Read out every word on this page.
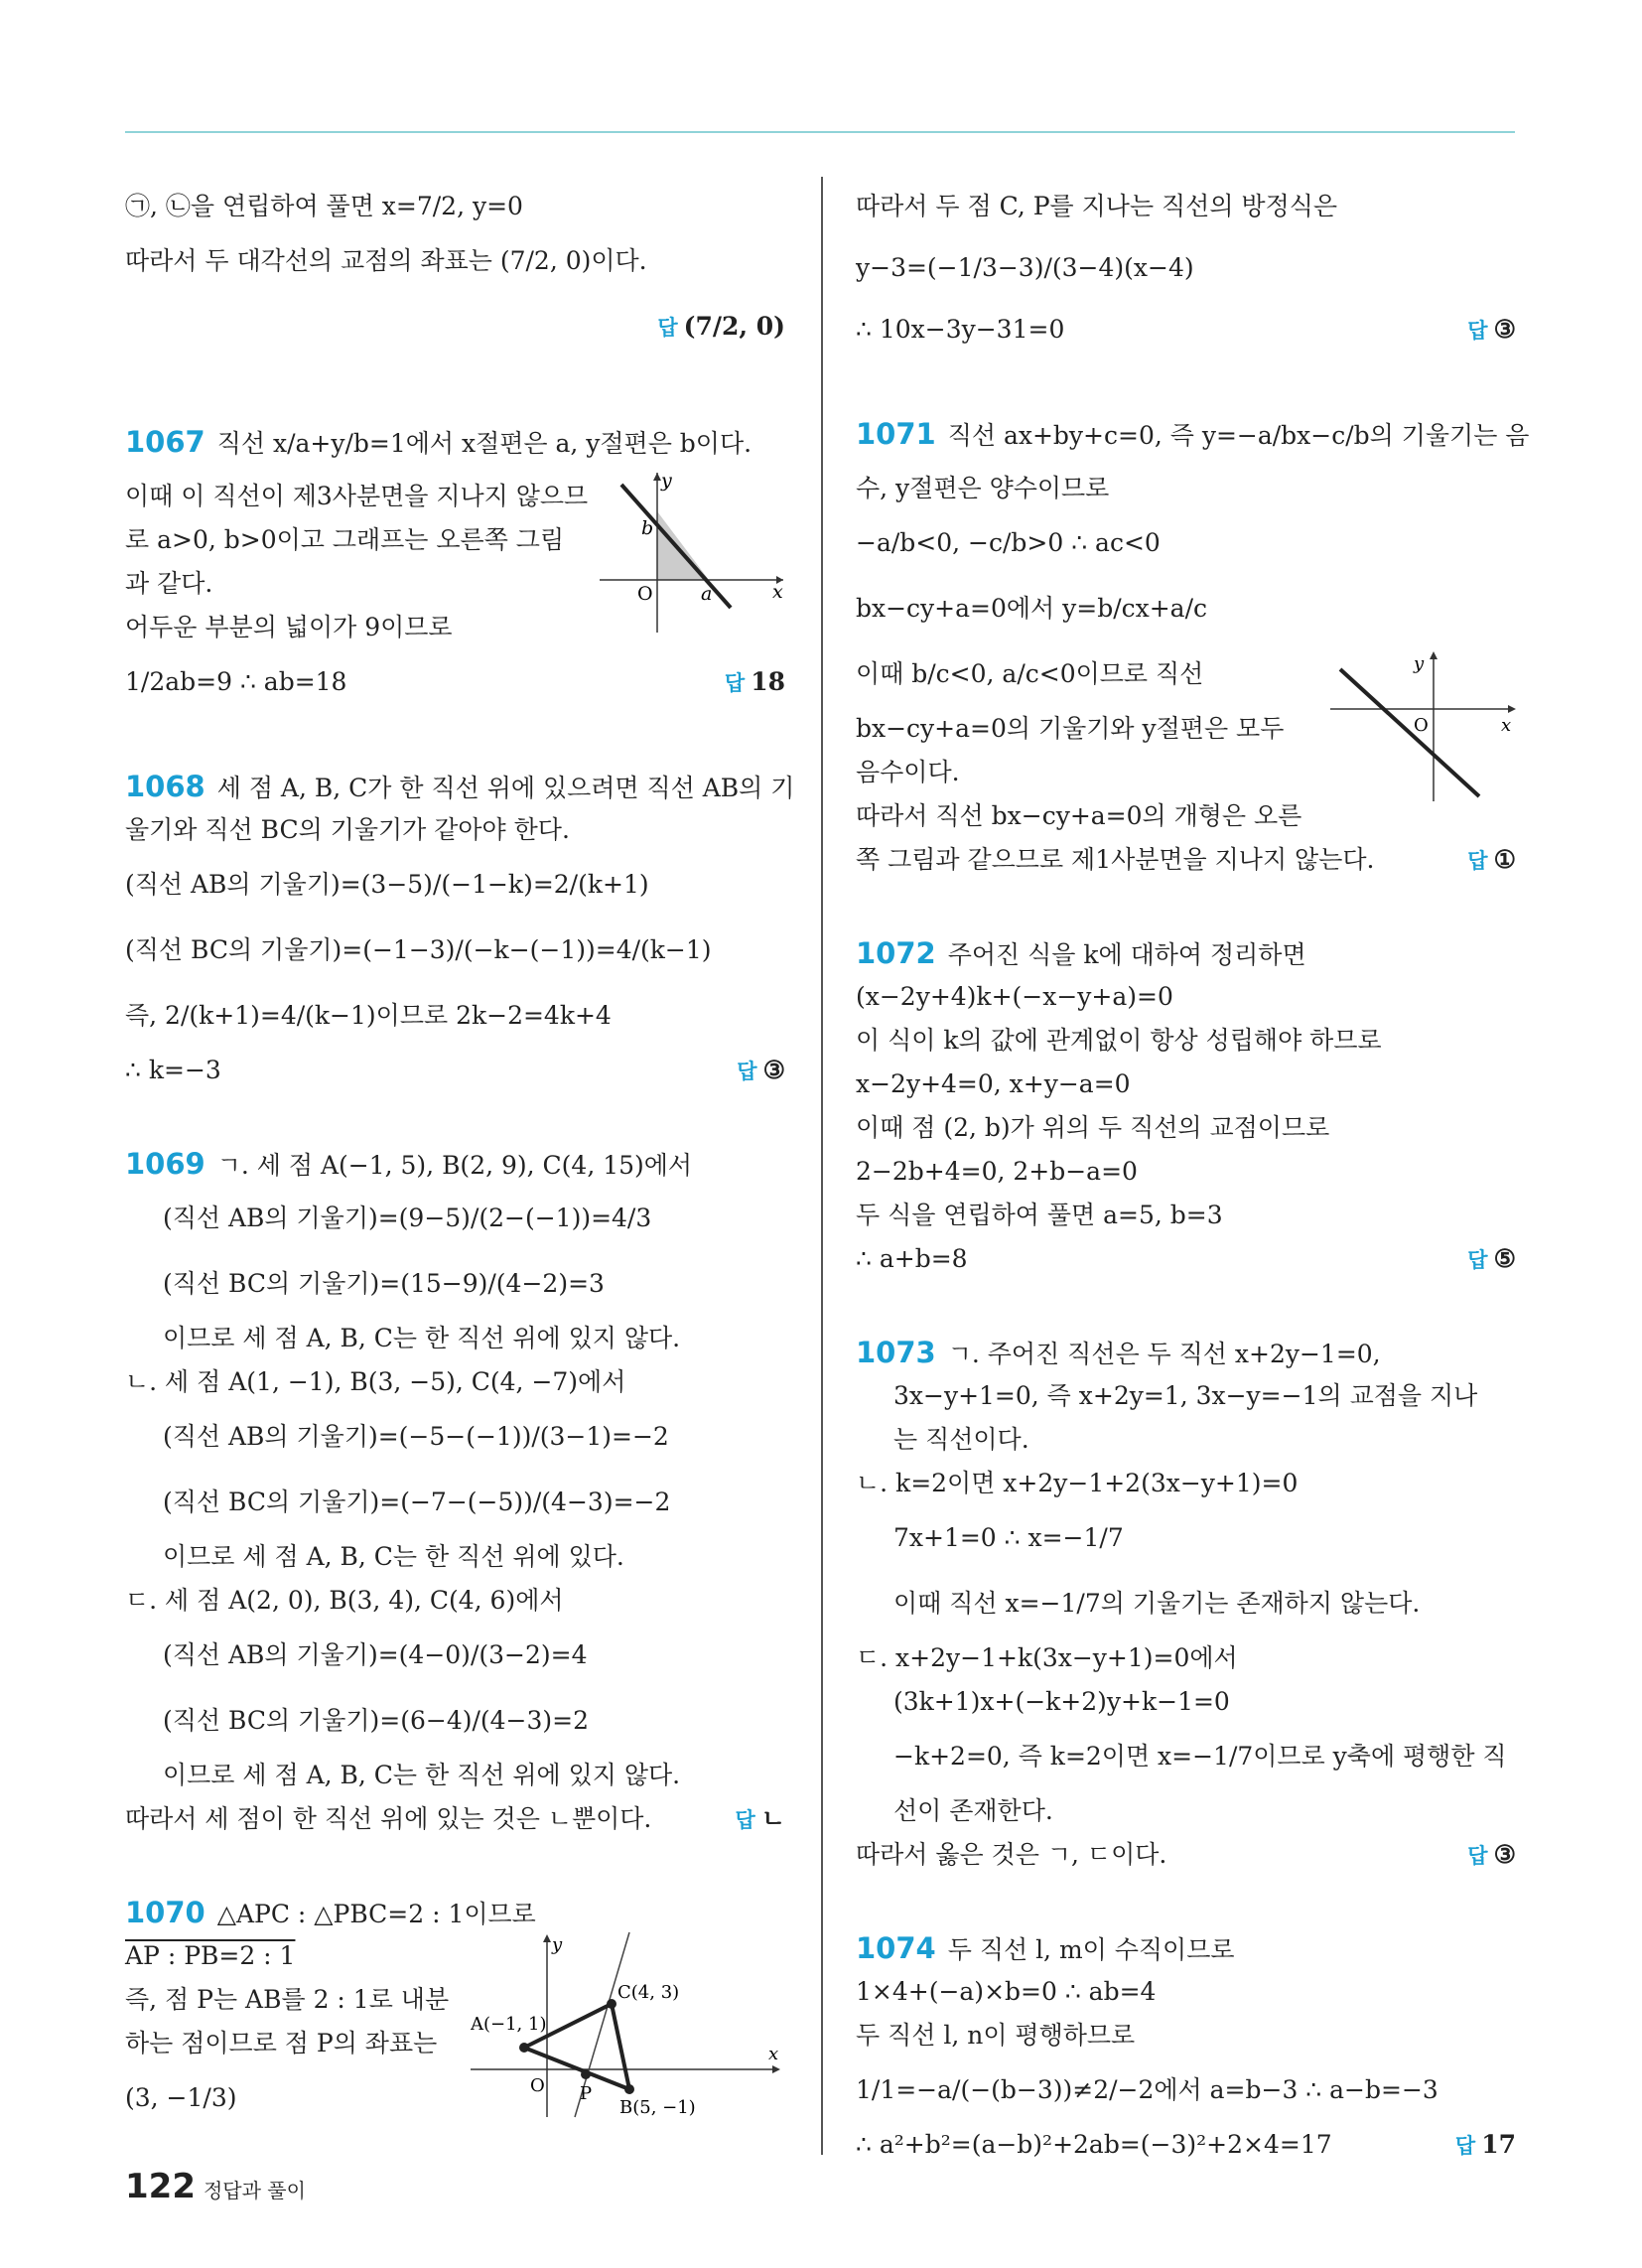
㉠, ㉡을 연립하여 풀면 x=7/2, y=0
따라서 두 대각선의 교점의 좌표는 (7/2, 0)이다.
답 (7/2, 0)
1067 직선 x/a+y/b=1에서 x절편은 a, y절편은 b이다.
이때 이 직선이 제3사분면을 지나지 않으므
로 a>0, b>0이고 그래프는 오른쪽 그림
과 같다.
어두운 부분의 넓이가 9이므로
y
x
O	a
b
1/2ab=9 ∴ ab=18	답 18
1068 세 점 A, B, C가 한 직선 위에 있으려면 직선 AB의 기
울기와 직선 BC의 기울기가 같아야 한다.
(직선 AB의 기울기)=(3−5)/(−1−k)=2/(k+1)
(직선 BC의 기울기)=(−1−3)/(−k−(−1))=4/(k−1)
즉, 2/(k+1)=4/(k−1)이므로 2k−2=4k+4
∴ k=−3	답 ③
1069 ㄱ. 세 점 A(−1, 5), B(2, 9), C(4, 15)에서
(직선 AB의 기울기)=(9−5)/(2−(−1))=4/3
(직선 BC의 기울기)=(15−9)/(4−2)=3
이므로 세 점 A, B, C는 한 직선 위에 있지 않다.
ㄴ. 세 점 A(1, −1), B(3, −5), C(4, −7)에서
(직선 AB의 기울기)=(−5−(−1))/(3−1)=−2
(직선 BC의 기울기)=(−7−(−5))/(4−3)=−2
이므로 세 점 A, B, C는 한 직선 위에 있다.
ㄷ. 세 점 A(2, 0), B(3, 4), C(4, 6)에서
(직선 AB의 기울기)=(4−0)/(3−2)=4
(직선 BC의 기울기)=(6−4)/(4−3)=2
이므로 세 점 A, B, C는 한 직선 위에 있지 않다.
따라서 세 점이 한 직선 위에 있는 것은 ㄴ뿐이다.	답 ㄴ
1070 △APC : △PBC=2 : 1이므로
AP : PB=2 : 1
즉, 점 P는 AB를 2 : 1로 내분
하는 점이므로 점 P의 좌표는
(3, −1/3)
y
x
O
A(−1, 1)
C(4, 3)
P
B(5, −1)
따라서 두 점 C, P를 지나는 직선의 방정식은
y−3=(−1/3−3)/(3−4)(x−4)
∴ 10x−3y−31=0	답 ③
1071 직선 ax+by+c=0, 즉 y=−a/bx−c/b의 기울기는 음
수, y절편은 양수이므로
−a/b<0, −c/b>0 ∴ ac<0
bx−cy+a=0에서 y=b/cx+a/c
이때 b/c<0, a/c<0이므로 직선
bx−cy+a=0의 기울기와 y절편은 모두
음수이다.
따라서 직선 bx−cy+a=0의 개형은 오른
쪽 그림과 같으므로 제1사분면을 지나지 않는다.	답 ①
y
x
O
1072 주어진 식을 k에 대하여 정리하면
(x−2y+4)k+(−x−y+a)=0
이 식이 k의 값에 관계없이 항상 성립해야 하므로
x−2y+4=0, x+y−a=0
이때 점 (2, b)가 위의 두 직선의 교점이므로
2−2b+4=0, 2+b−a=0
두 식을 연립하여 풀면 a=5, b=3
∴ a+b=8	답 ⑤
1073 ㄱ. 주어진 직선은 두 직선 x+2y−1=0,
3x−y+1=0, 즉 x+2y=1, 3x−y=−1의 교점을 지나
는 직선이다.
ㄴ. k=2이면 x+2y−1+2(3x−y+1)=0
7x+1=0 ∴ x=−1/7
이때 직선 x=−1/7의 기울기는 존재하지 않는다.
ㄷ. x+2y−1+k(3x−y+1)=0에서
(3k+1)x+(−k+2)y+k−1=0
−k+2=0, 즉 k=2이면 x=−1/7이므로 y축에 평행한 직
선이 존재한다.
따라서 옳은 것은 ㄱ, ㄷ이다.	답 ③
1074 두 직선 l, m이 수직이므로
1×4+(−a)×b=0 ∴ ab=4
두 직선 l, n이 평행하므로
1/1=−a/(−(b−3))≠2/−2에서 a=b−3 ∴ a−b=−3
∴ a²+b²=(a−b)²+2ab=(−3)²+2×4=17	답 17
122 정답과 풀이
